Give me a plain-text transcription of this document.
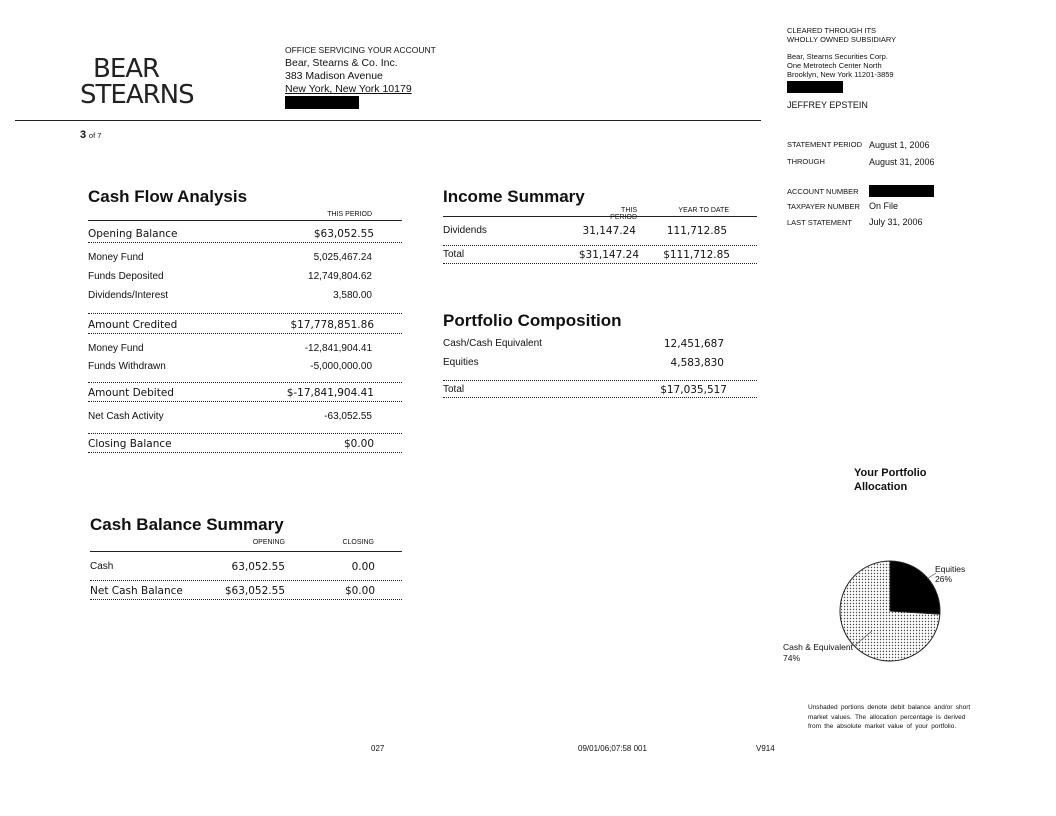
BEAR
STEARNS
OFFICE SERVICING YOUR ACCOUNT
Bear, Stearns & Co. Inc.
383 Madison Avenue
New York, New York 10179
3 of 7
CLEARED THROUGH ITS
WHOLLY OWNED SUBSIDIARY
Bear, Stearns Securities Corp.
One Metrotech Center North
Brooklyn, New York 11201-3859
JEFFREY EPSTEIN
STATEMENT PERIOD August 1, 2006
THROUGH	August 31, 2006
ACCOUNT NUMBER
TAXPAYER NUMBER	On File
LAST STATEMENT	July 31, 2006
Cash Flow Analysis
THIS PERIOD
Opening Balance	$63,052.55
Money Fund	5,025,467.24
Funds Deposited	12,749,804.62
Dividends/Interest	3,580.00
Amount Credited	$17,778,851.86
Money Fund	-12,841,904.41
Funds Withdrawn	-5,000,000.00
Amount Debited	$-17,841,904.41
Net Cash Activity	-63,052.55
Closing Balance	$0.00
Income Summary
THIS PERIOD
YEAR TO DATE
Dividends	31,147.24	111,712.85
Total	$31,147.24 $111,712.85
Portfolio Composition
Cash/Cash Equivalent	12,451,687
Equities	4,583,830
Total	$17,035,517
Cash Balance Summary
OPENING	CLOSING
Cash	63,052.55	0.00
Net Cash Balance	$63,052.55	$0.00
Your Portfolio
Allocation
Equities
26%
Cash & Equivalent
74%
Unshaded portions denote debit balance and/or short
market values. The allocation percentage is derived
from the absolute market value of your portfolio.
027	09/01/06;07:58 001	V914
